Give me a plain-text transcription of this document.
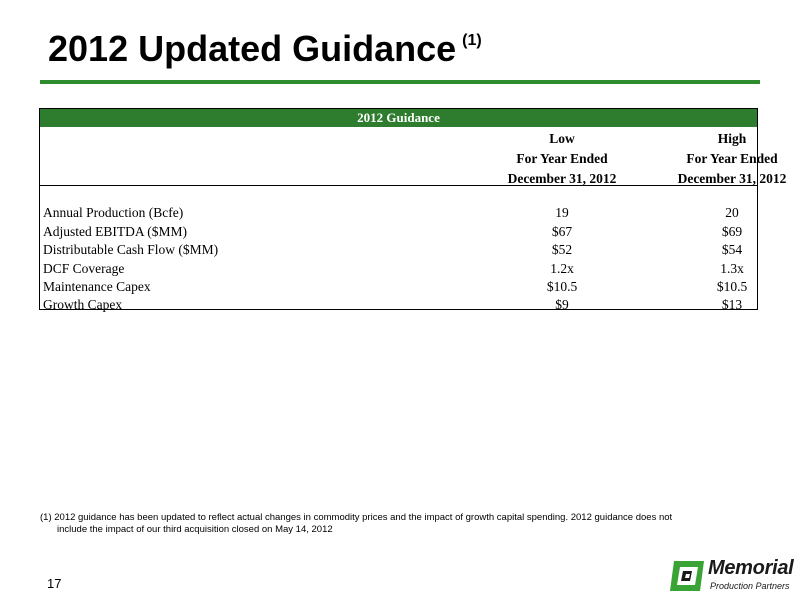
2012 Updated Guidance $^{(1)}$
2012 Guidance
Low
For Year Ended
December 31, 2012
High
For Year Ended
December 31, 2012
Annual Production (Bcfe)	19	20
Adjusted EBITDA ($MM)	$67	$69
Distributable Cash Flow ($MM)	$52	$54
DCF Coverage	1.2x	1.3x
Maintenance Capex	$10.5	$10.5
Growth Capex	$9	$13
(1) 2012 guidance has been updated to reflect actual changes in commodity prices and the impact of growth capital spending. 2012 guidance does not
include the impact of our third acquisition closed on May 14, 2012
17
Memorial
Production Partners
